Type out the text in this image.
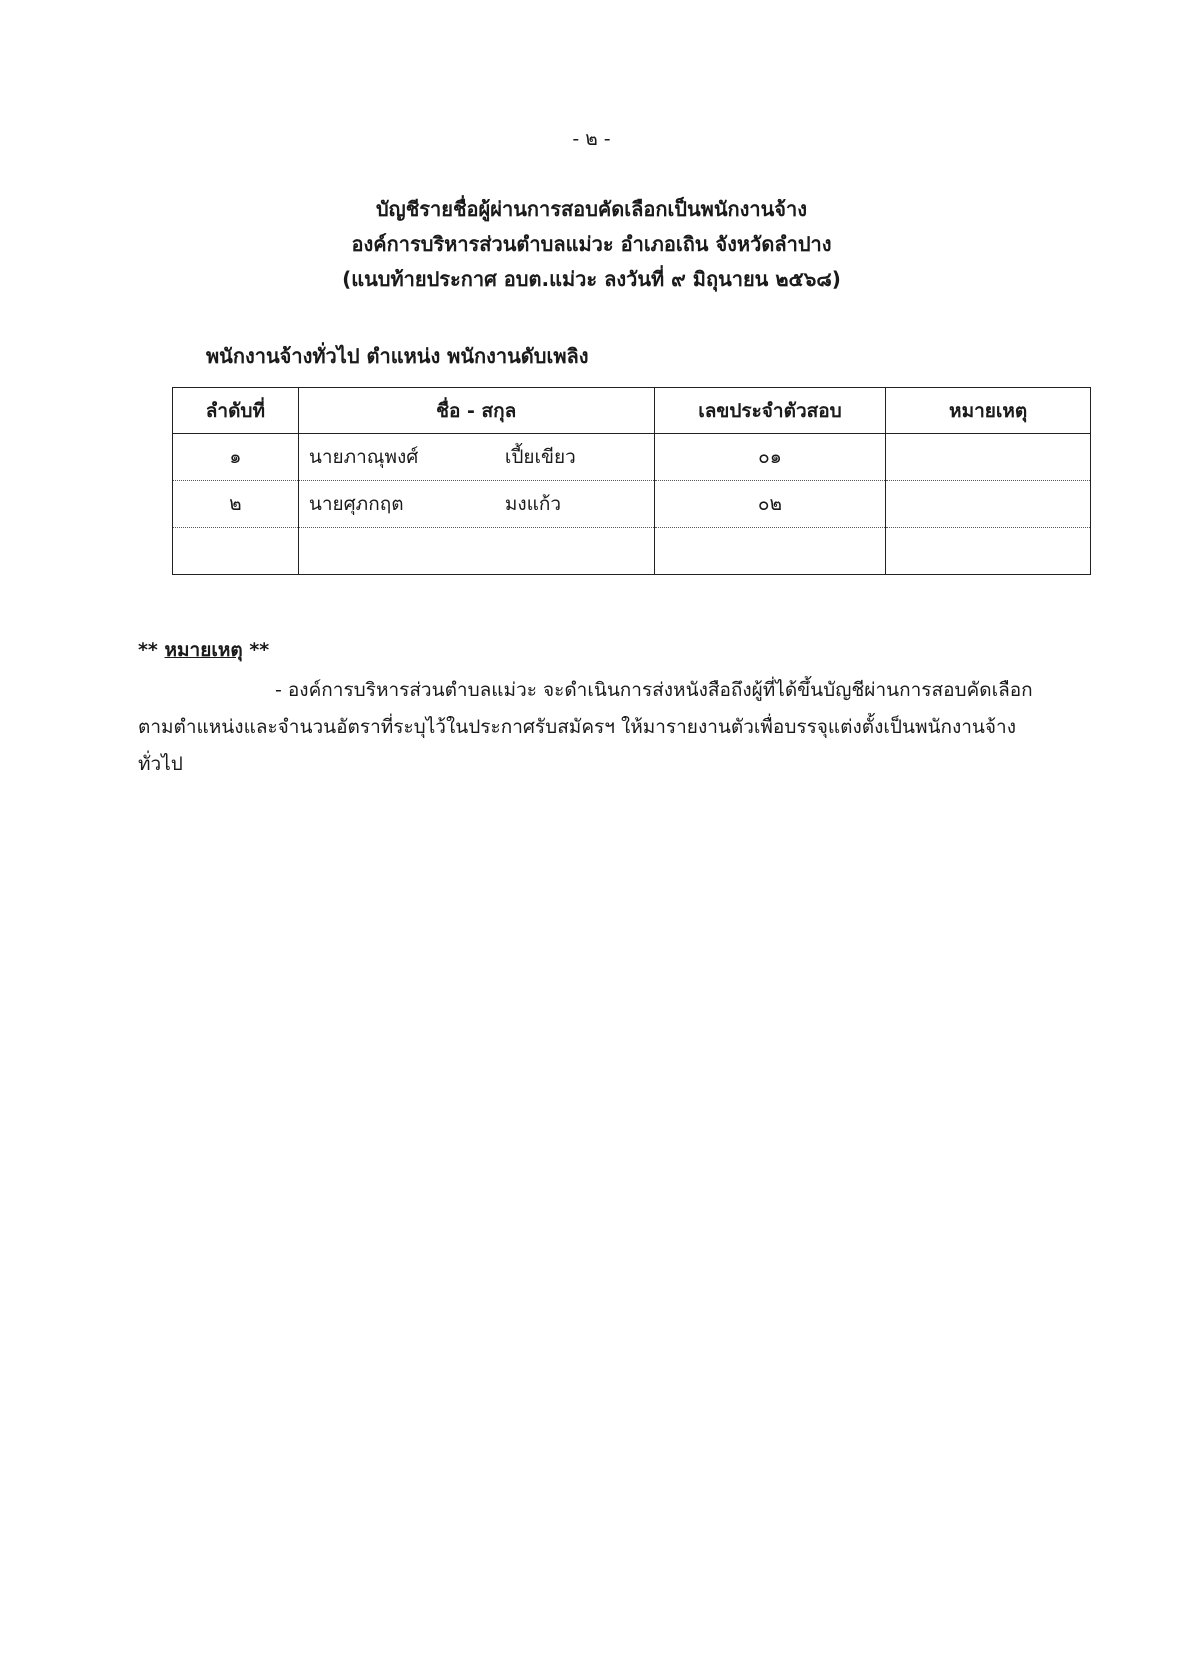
- ๒ -
บัญชีรายชื่อผู้ผ่านการสอบคัดเลือกเป็นพนักงานจ้าง
องค์การบริหารส่วนตำบลแม่วะ อำเภอเถิน จังหวัดลำปาง
(แนบท้ายประกาศ อบต.แม่วะ ลงวันที่ ๙ มิถุนายน ๒๕๖๘)
พนักงานจ้างทั่วไป ตำแหน่ง พนักงานดับเพลิง
ลำดับที่	ชื่อ - สกุล	เลขประจำตัวสอบ	หมายเหตุ
๑	นายภาณุพงศ์ เปี้ยเขียว	๐๑	
๒	นายศุภกฤต มงแก้ว	๐๒	

** หมายเหตุ **
- องค์การบริหารส่วนตำบลแม่วะ จะดำเนินการส่งหนังสือถึงผู้ที่ได้ขึ้นบัญชีผ่านการสอบคัดเลือก
ตามตำแหน่งและจำนวนอัตราที่ระบุไว้ในประกาศรับสมัครฯ ให้มารายงานตัวเพื่อบรรจุแต่งตั้งเป็นพนักงานจ้าง
ทั่วไป
